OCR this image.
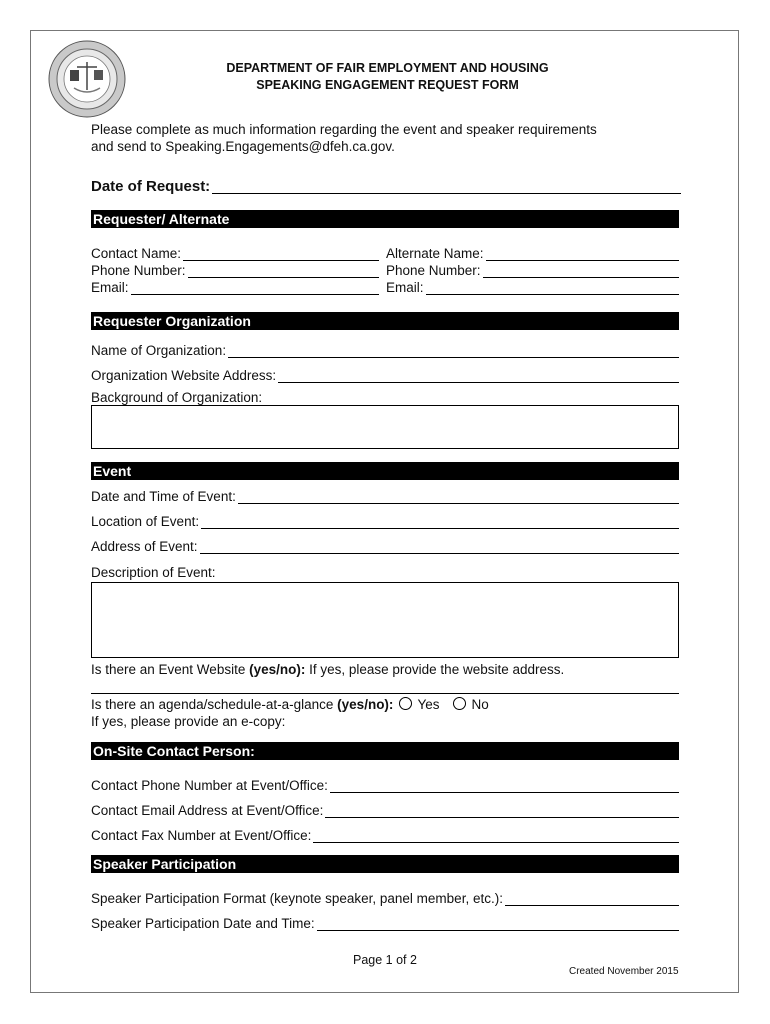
DEPARTMENT OF FAIR EMPLOYMENT AND HOUSING
SPEAKING ENGAGEMENT REQUEST FORM
Please complete as much information regarding the event and speaker requirements
and send to Speaking.Engagements@dfeh.ca.gov.
Date of Request:
Requester/ Alternate
Contact Name:
Phone Number:
Email:
Alternate Name:
Phone Number:
Email:
Requester Organization
Name of Organization:
Organization Website Address:
Background of Organization:
Event
Date and Time of Event:
Location of Event:
Address of Event:
Description of Event:
Is there an Event Website (yes/no): If yes, please provide the website address.
Is there an agenda/schedule-at-a-glance (yes/no): Yes No
If yes, please provide an e-copy:
On-Site Contact Person:
Contact Phone Number at Event/Office:
Contact Email Address at Event/Office:
Contact Fax Number at Event/Office:
Speaker Participation
Speaker Participation Format (keynote speaker, panel member, etc.):
Speaker Participation Date and Time:
Page 1 of 2
Created November 2015
